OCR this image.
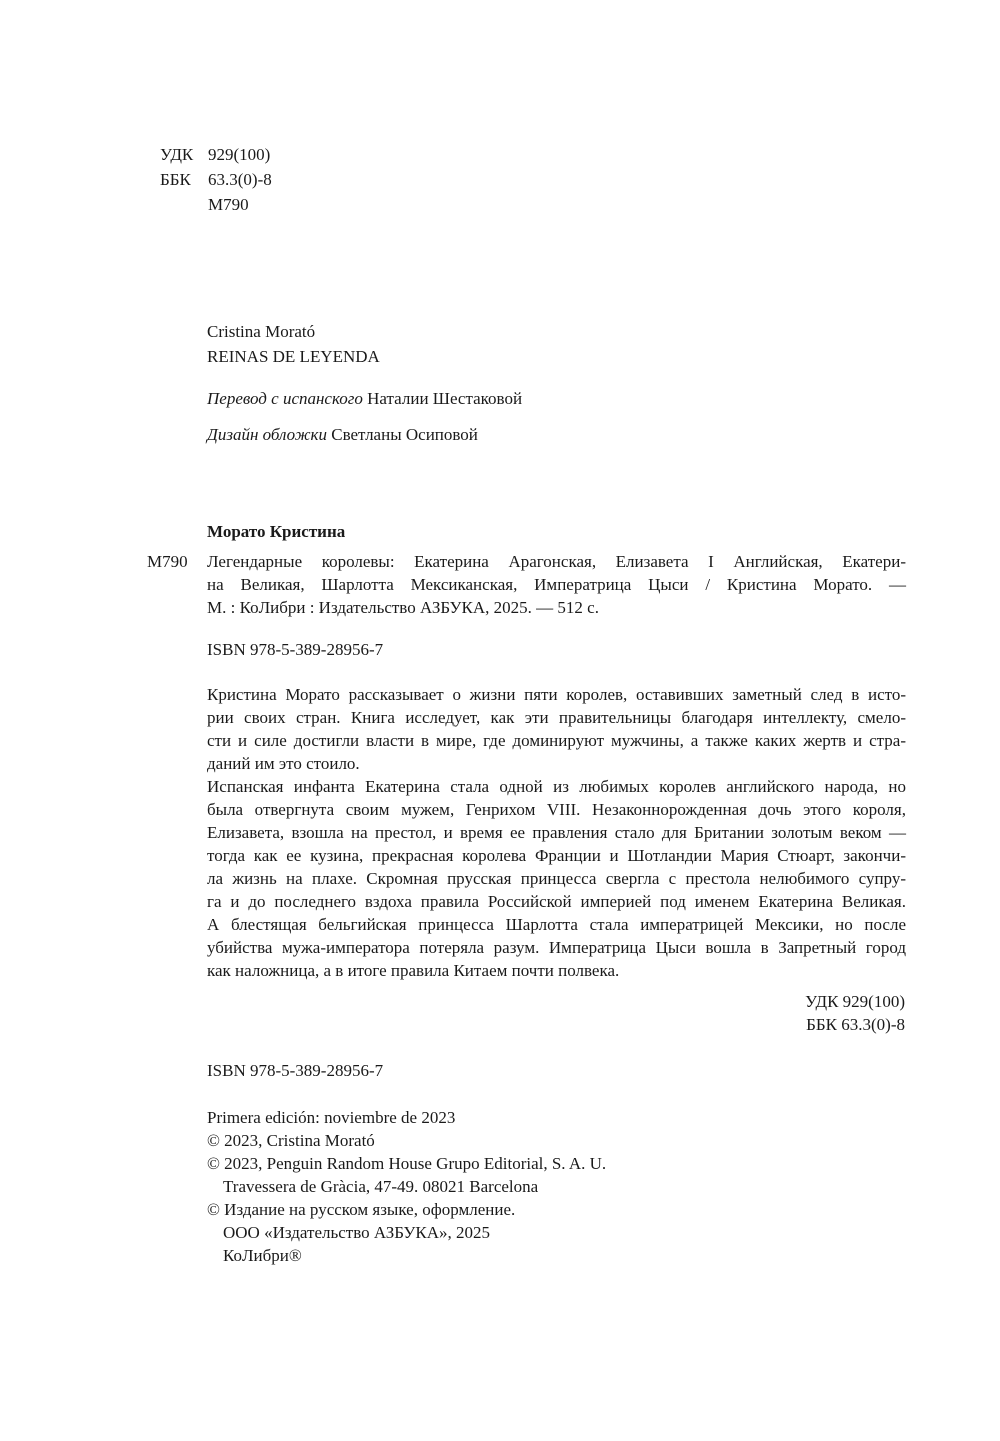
УДК 929(100)
ББК 63.3(0)-8
М790
Cristina Morató
REINAS DE LEYENDA
Перевод с испанского Наталии Шестаковой
Дизайн обложки Светланы Осиповой
Морато Кристина
М790 Легендарные королевы: Екатерина Арагонская, Елизавета I Английская, Екатери-
на Великая, Шарлотта Мексиканская, Императрица Цыси / Кристина Морато. —
М. : КоЛибри : Издательство АЗБУКА, 2025. — 512 с.
ISBN 978-5-389-28956-7
Кристина Морато рассказывает о жизни пяти королев, оставивших заметный след в исто-
рии своих стран. Книга исследует, как эти правительницы благодаря интеллекту, смело-
сти и силе достигли власти в мире, где доминируют мужчины, а также каких жертв и стра-
даний им это стоило.
Испанская инфанта Екатерина стала одной из любимых королев английского народа, но
была отвергнута своим мужем, Генрихом VIII. Незаконнорожденная дочь этого короля,
Елизавета, взошла на престол, и время ее правления стало для Британии золотым веком —
тогда как ее кузина, прекрасная королева Франции и Шотландии Мария Стюарт, закончи-
ла жизнь на плахе. Скромная прусская принцесса свергла с престола нелюбимого супру-
га и до последнего вздоха правила Российской империей под именем Екатерина Великая.
А блестящая бельгийская принцесса Шарлотта стала императрицей Мексики, но после
убийства мужа-императора потеряла разум. Императрица Цыси вошла в Запретный город
как наложница, а в итоге правила Китаем почти полвека.
УДК 929(100)
ББК 63.3(0)-8
ISBN 978-5-389-28956-7
Primera edición: noviembre de 2023
© 2023, Cristina Morató
© 2023, Penguin Random House Grupo Editorial, S. A. U.
Travessera de Gràcia, 47-49. 08021 Barcelona
© Издание на русском языке, оформление.
ООО «Издательство АЗБУКА», 2025
КоЛибри®
